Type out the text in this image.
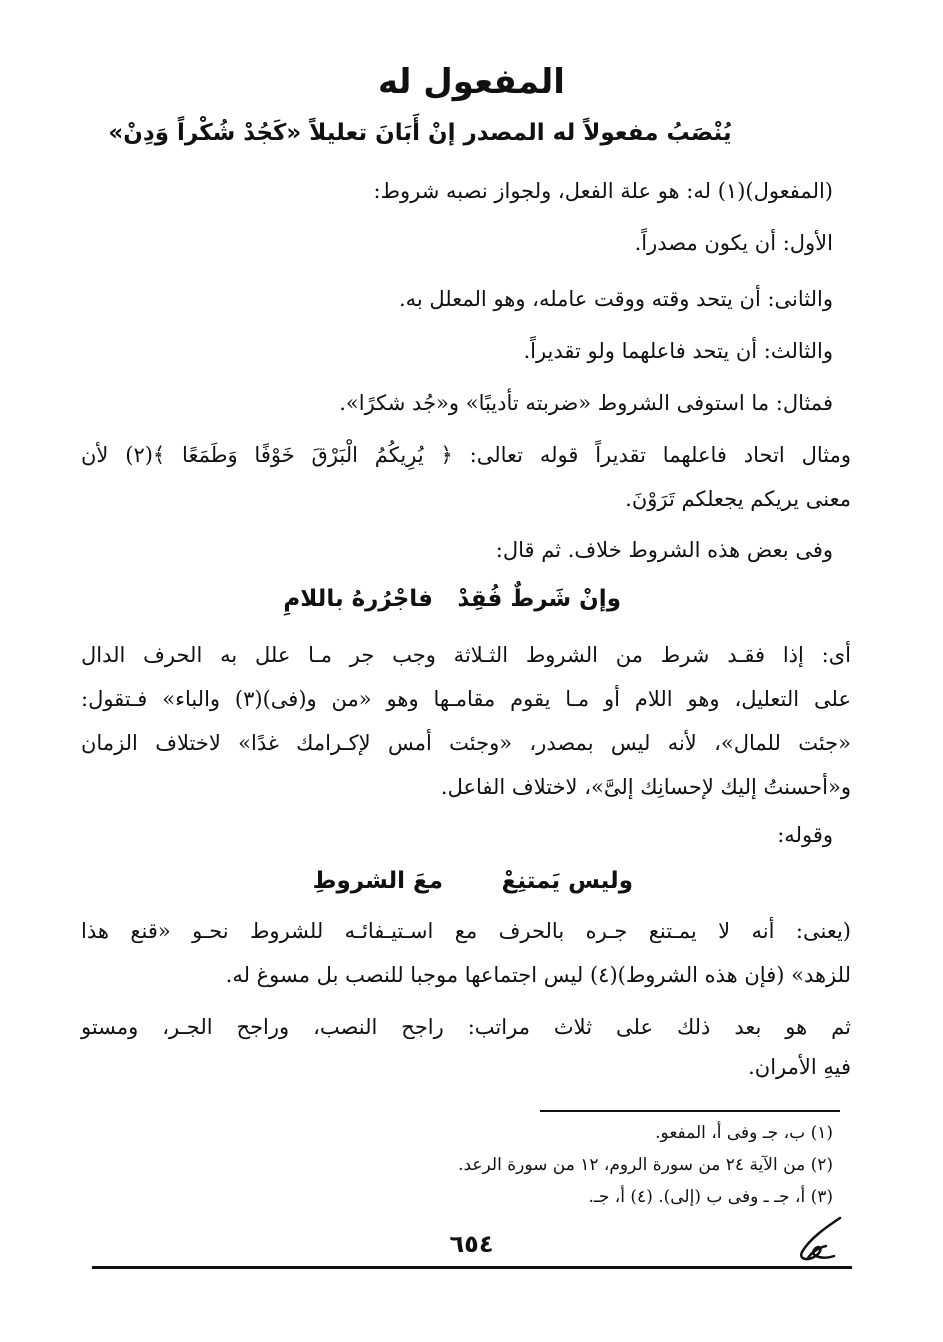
المفعول له
يُنْصَبُ مفعولاً له المصدر إنْ أَبَانَ تعليلاً «كَجُدْ شُكْراً وَدِنْ»
(المفعول)(١) له: هو علة الفعل، ولجواز نصبه شروط:
الأول: أن يكون مصدراً.
والثانى: أن يتحد وقته ووقت عامله، وهو المعلل به.
والثالث: أن يتحد فاعلهما ولو تقديراً.
فمثال: ما استوفى الشروط «ضربته تأديبًا» و«جُد شكرًا».
ومثال اتحاد فاعلهما تقديراً قوله تعالى: ﴿ يُرِيكُمُ الْبَرْقَ خَوْفًا وَطَمَعًا ﴾(٢) لأن
معنى يريكم يجعلكم تَرَوْنَ.
وفى بعض هذه الشروط خلاف. ثم قال:
وإنْ شَرطٌ فُقِدْ
فاجْرُرهُ باللامِ
أى: إذا فقـد شرط من الشروط الثـلاثة وجب جر مـا علل به الحرف الدال
على التعليل، وهو اللام أو مـا يقوم مقامـها وهو «من و(فى)(٣) والباء» فـتقول:
«جئت للمال»، لأنه ليس بمصدر، «وجئت أمس لإكـرامك غدًا» لاختلاف الزمان
و«أحسنتُ إليك لإحسانِك إلىَّ»، لاختلاف الفاعل.
وقوله:
وليس يَمتنِعْ
معَ الشروطِ
(يعنى: أنه لا يمـتنع جـره بالحرف مع اسـتيـفائـه للشروط نحـو «قنع هذا
للزهد» (فإن هذه الشروط)(٤) ليس اجتماعها موجبا للنصب بل مسوغ له.
ثم هو بعد ذلك على ثلاث مراتب: راجح النصب، وراجح الجـر، ومستو
فيهِ الأمران.
(١) ب، جـ وفى أ، المفعو.
(٢) من الآية ٢٤ من سورة الروم، ١٢ من سورة الرعد.
(٣) أ، جـ ـ وفى ب (إلى). (٤) أ، جـ.
٦٥٤
